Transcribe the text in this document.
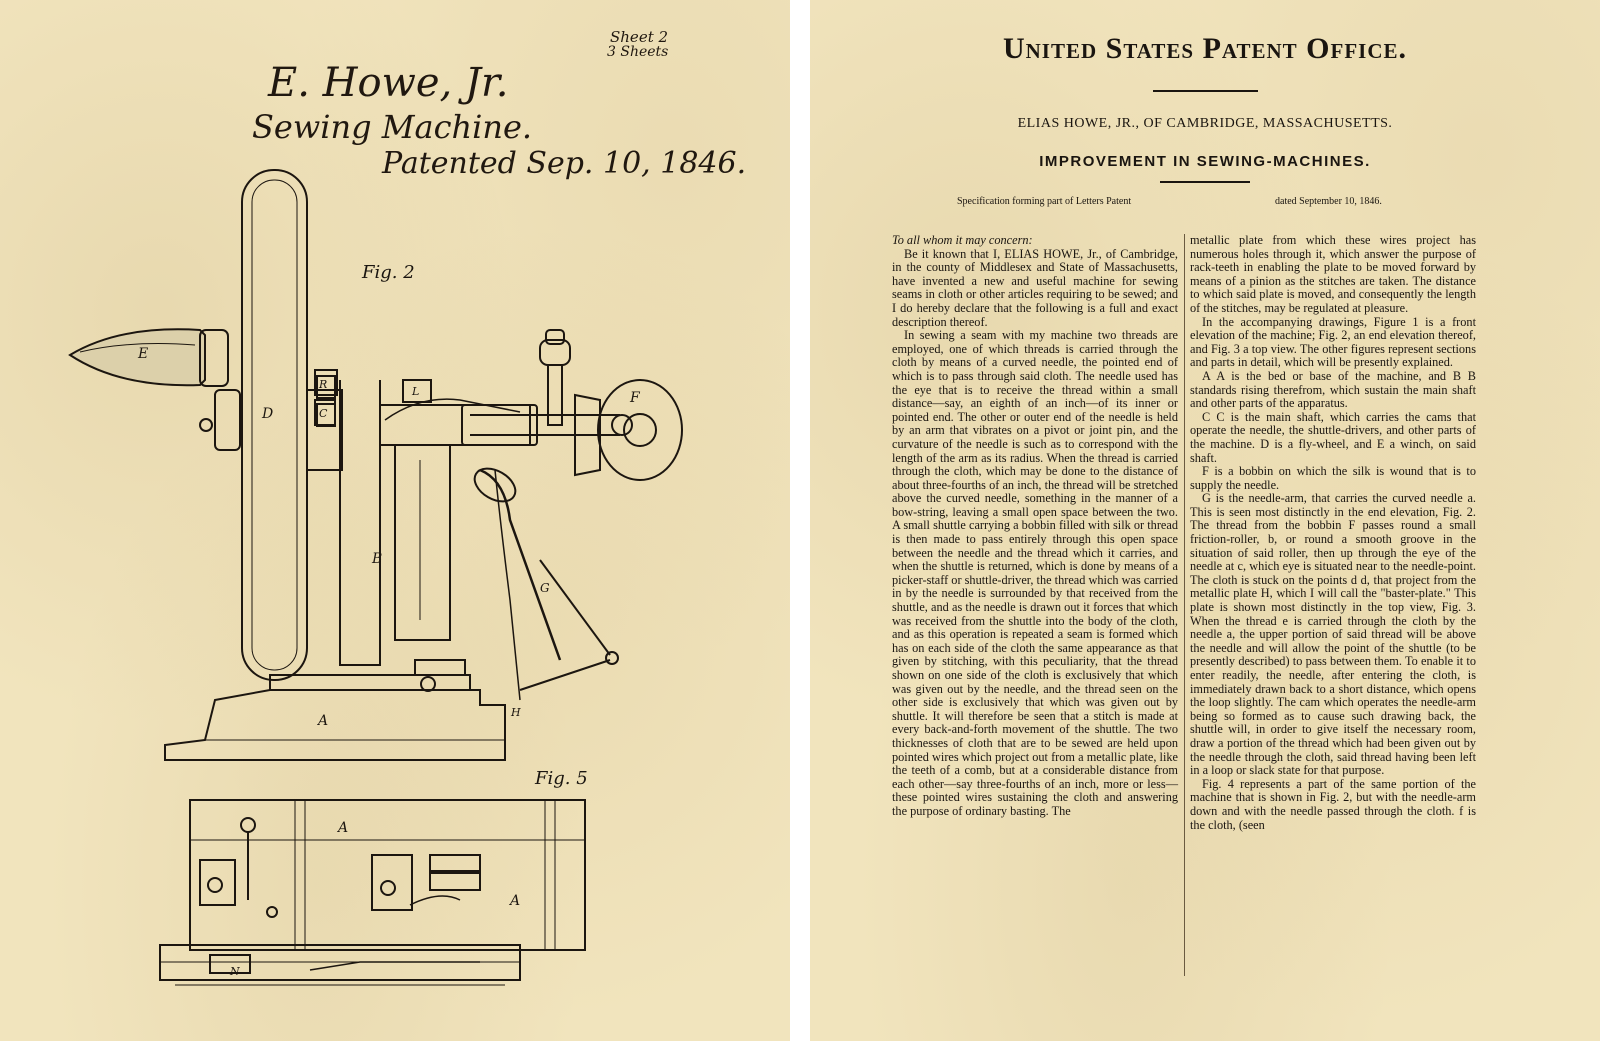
Sheet 2
3 Sheets
E. Howe, Jr.
Sewing Machine.
Patented Sep. 10, 1846.
Fig. 2
Fig. 5
E
D
R
C
F
L
B
A
H
G
A
A
N
United States Patent Office.
ELIAS HOWE, JR., OF CAMBRIDGE, MASSACHUSETTS.
IMPROVEMENT IN SEWING-MACHINES.
Specification forming part of Letters Patent	dated September 10, 1846.

To all whom it may concern:

Be it known that I, ELIAS HOWE, Jr., of Cambridge, in the county of Middlesex and State of Massachusetts, have invented a new and useful machine for sewing seams in cloth or other articles requiring to be sewed; and I do hereby declare that the following is a full and exact description thereof.

In sewing a seam with my machine two threads are employed, one of which threads is carried through the cloth by means of a curved needle, the pointed end of which is to pass through said cloth. The needle used has the eye that is to receive the thread within a small distance—say, an eighth of an inch—of its inner or pointed end. The other or outer end of the needle is held by an arm that vibrates on a pivot or joint pin, and the curvature of the needle is such as to correspond with the length of the arm as its radius. When the thread is carried through the cloth, which may be done to the distance of about three-fourths of an inch, the thread will be stretched above the curved needle, something in the manner of a bow-string, leaving a small open space between the two. A small shuttle carrying a bobbin filled with silk or thread is then made to pass entirely through this open space between the needle and the thread which it carries, and when the shuttle is returned, which is done by means of a picker-staff or shuttle-driver, the thread which was carried in by the needle is surrounded by that received from the shuttle, and as the needle is drawn out it forces that which was received from the shuttle into the body of the cloth, and as this operation is repeated a seam is formed which has on each side of the cloth the same appearance as that given by stitching, with this peculiarity, that the thread shown on one side of the cloth is exclusively that which was given out by the needle, and the thread seen on the other side is exclusively that which was given out by shuttle. It will therefore be seen that a stitch is made at every back-and-forth movement of the shuttle. The two thicknesses of cloth that are to be sewed are held upon pointed wires which project out from a metallic plate, like the teeth of a comb, but at a considerable distance from each other—say three-fourths of an inch, more or less—these pointed wires sustaining the cloth and answering the purpose of ordinary basting. The

metallic plate from which these wires project has numerous holes through it, which answer the purpose of rack-teeth in enabling the plate to be moved forward by means of a pinion as the stitches are taken. The distance to which said plate is moved, and consequently the length of the stitches, may be regulated at pleasure.

In the accompanying drawings, Figure 1 is a front elevation of the machine; Fig. 2, an end elevation thereof, and Fig. 3 a top view. The other figures represent sections and parts in detail, which will be presently explained.

A A is the bed or base of the machine, and B B standards rising therefrom, which sustain the main shaft and other parts of the apparatus.

C C is the main shaft, which carries the cams that operate the needle, the shuttle-drivers, and other parts of the machine. D is a fly-wheel, and E a winch, on said shaft.

F is a bobbin on which the silk is wound that is to supply the needle.

G is the needle-arm, that carries the curved needle a. This is seen most distinctly in the end elevation, Fig. 2. The thread from the bobbin F passes round a small friction-roller, b, or round a smooth groove in the situation of said roller, then up through the eye of the needle at c, which eye is situated near to the needle-point. The cloth is stuck on the points d d, that project from the metallic plate H, which I will call the "baster-plate." This plate is shown most distinctly in the top view, Fig. 3. When the thread e is carried through the cloth by the needle a, the upper portion of said thread will be above the needle and will allow the point of the shuttle (to be presently described) to pass between them. To enable it to enter readily, the needle, after entering the cloth, is immediately drawn back to a short distance, which opens the loop slightly. The cam which operates the needle-arm being so formed as to cause such drawing back, the shuttle will, in order to give itself the necessary room, draw a portion of the thread which had been given out by the needle through the cloth, said thread having been left in a loop or slack state for that purpose.

Fig. 4 represents a part of the same portion of the machine that is shown in Fig. 2, but with the needle-arm down and with the needle passed through the cloth. f is the cloth, (seen
